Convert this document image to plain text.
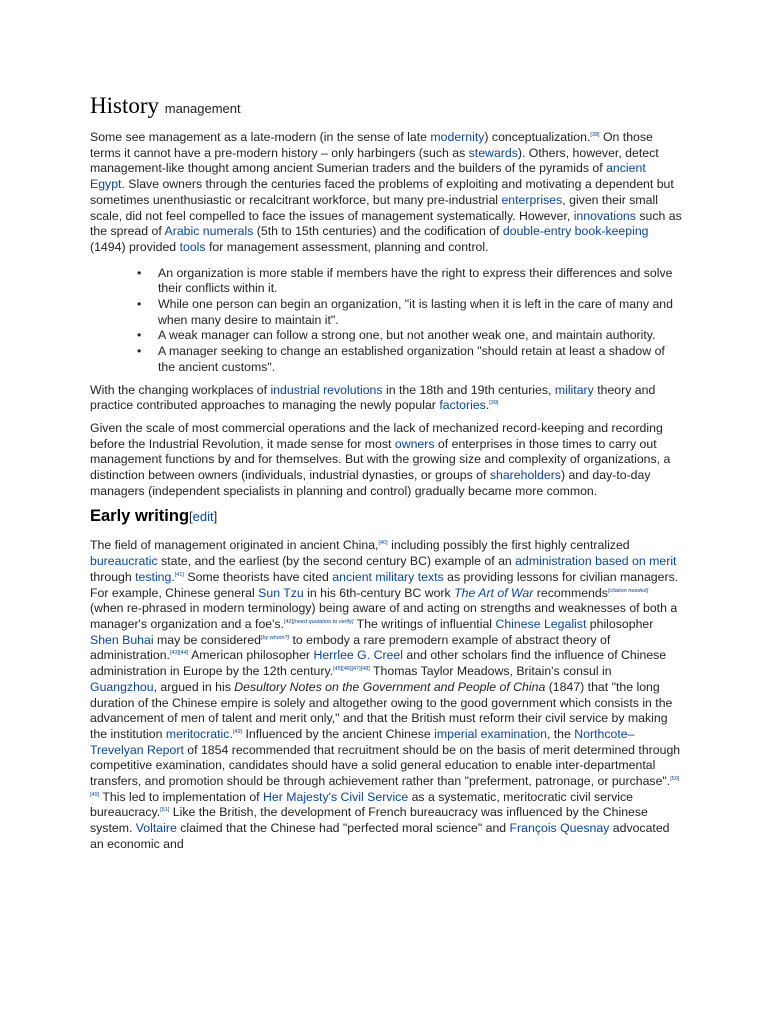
History management

Some see management as a late-modern (in the sense of late modernity) conceptualization.[38] On those terms it cannot have a pre-modern history – only harbingers (such as stewards). Others, however, detect management-like thought among ancient Sumerian traders and the builders of the pyramids of ancient Egypt. Slave owners through the centuries faced the problems of exploiting and motivating a dependent but sometimes unenthusiastic or recalcitrant workforce, but many pre-industrial enterprises, given their small scale, did not feel compelled to face the issues of management systematically. However, innovations such as the spread of Arabic numerals (5th to 15th centuries) and the codification of double-entry book-keeping (1494) provided tools for management assessment, planning and control.

• An organization is more stable if members have the right to express their differences and solve their conflicts within it.
• While one person can begin an organization, "it is lasting when it is left in the care of many and when many desire to maintain it".
• A weak manager can follow a strong one, but not another weak one, and maintain authority.
• A manager seeking to change an established organization "should retain at least a shadow of the ancient customs".

With the changing workplaces of industrial revolutions in the 18th and 19th centuries, military theory and practice contributed approaches to managing the newly popular factories.[39]

Given the scale of most commercial operations and the lack of mechanized record-keeping and recording before the Industrial Revolution, it made sense for most owners of enterprises in those times to carry out management functions by and for themselves. But with the growing size and complexity of organizations, a distinction between owners (individuals, industrial dynasties, or groups of shareholders) and day-to-day managers (independent specialists in planning and control) gradually became more common.

Early writing[edit]

The field of management originated in ancient China,[40] including possibly the first highly centralized bureaucratic state, and the earliest (by the second century BC) example of an administration based on merit through testing.[41] Some theorists have cited ancient military texts as providing lessons for civilian managers. For example, Chinese general Sun Tzu in his 6th-century BC work The Art of War recommends[citation needed] (when re-phrased in modern terminology) being aware of and acting on strengths and weaknesses of both a manager's organization and a foe's.[42][need quotation to verify] The writings of influential Chinese Legalist philosopher Shen Buhai may be considered[by whom?] to embody a rare premodern example of abstract theory of administration.[43][44] American philosopher Herrlee G. Creel and other scholars find the influence of Chinese administration in Europe by the 12th century.[45][46][47][48] Thomas Taylor Meadows, Britain's consul in Guangzhou, argued in his Desultory Notes on the Government and People of China (1847) that "the long duration of the Chinese empire is solely and altogether owing to the good government which consists in the advancement of men of talent and merit only," and that the British must reform their civil service by making the institution meritocratic.[49] Influenced by the ancient Chinese imperial examination, the Northcote–Trevelyan Report of 1854 recommended that recruitment should be on the basis of merit determined through competitive examination, candidates should have a solid general education to enable inter-departmental transfers, and promotion should be through achievement rather than "preferment, patronage, or purchase".[50][49] This led to implementation of Her Majesty's Civil Service as a systematic, meritocratic civil service bureaucracy.[51] Like the British, the development of French bureaucracy was influenced by the Chinese system. Voltaire claimed that the Chinese had "perfected moral science" and François Quesnay advocated an economic and
